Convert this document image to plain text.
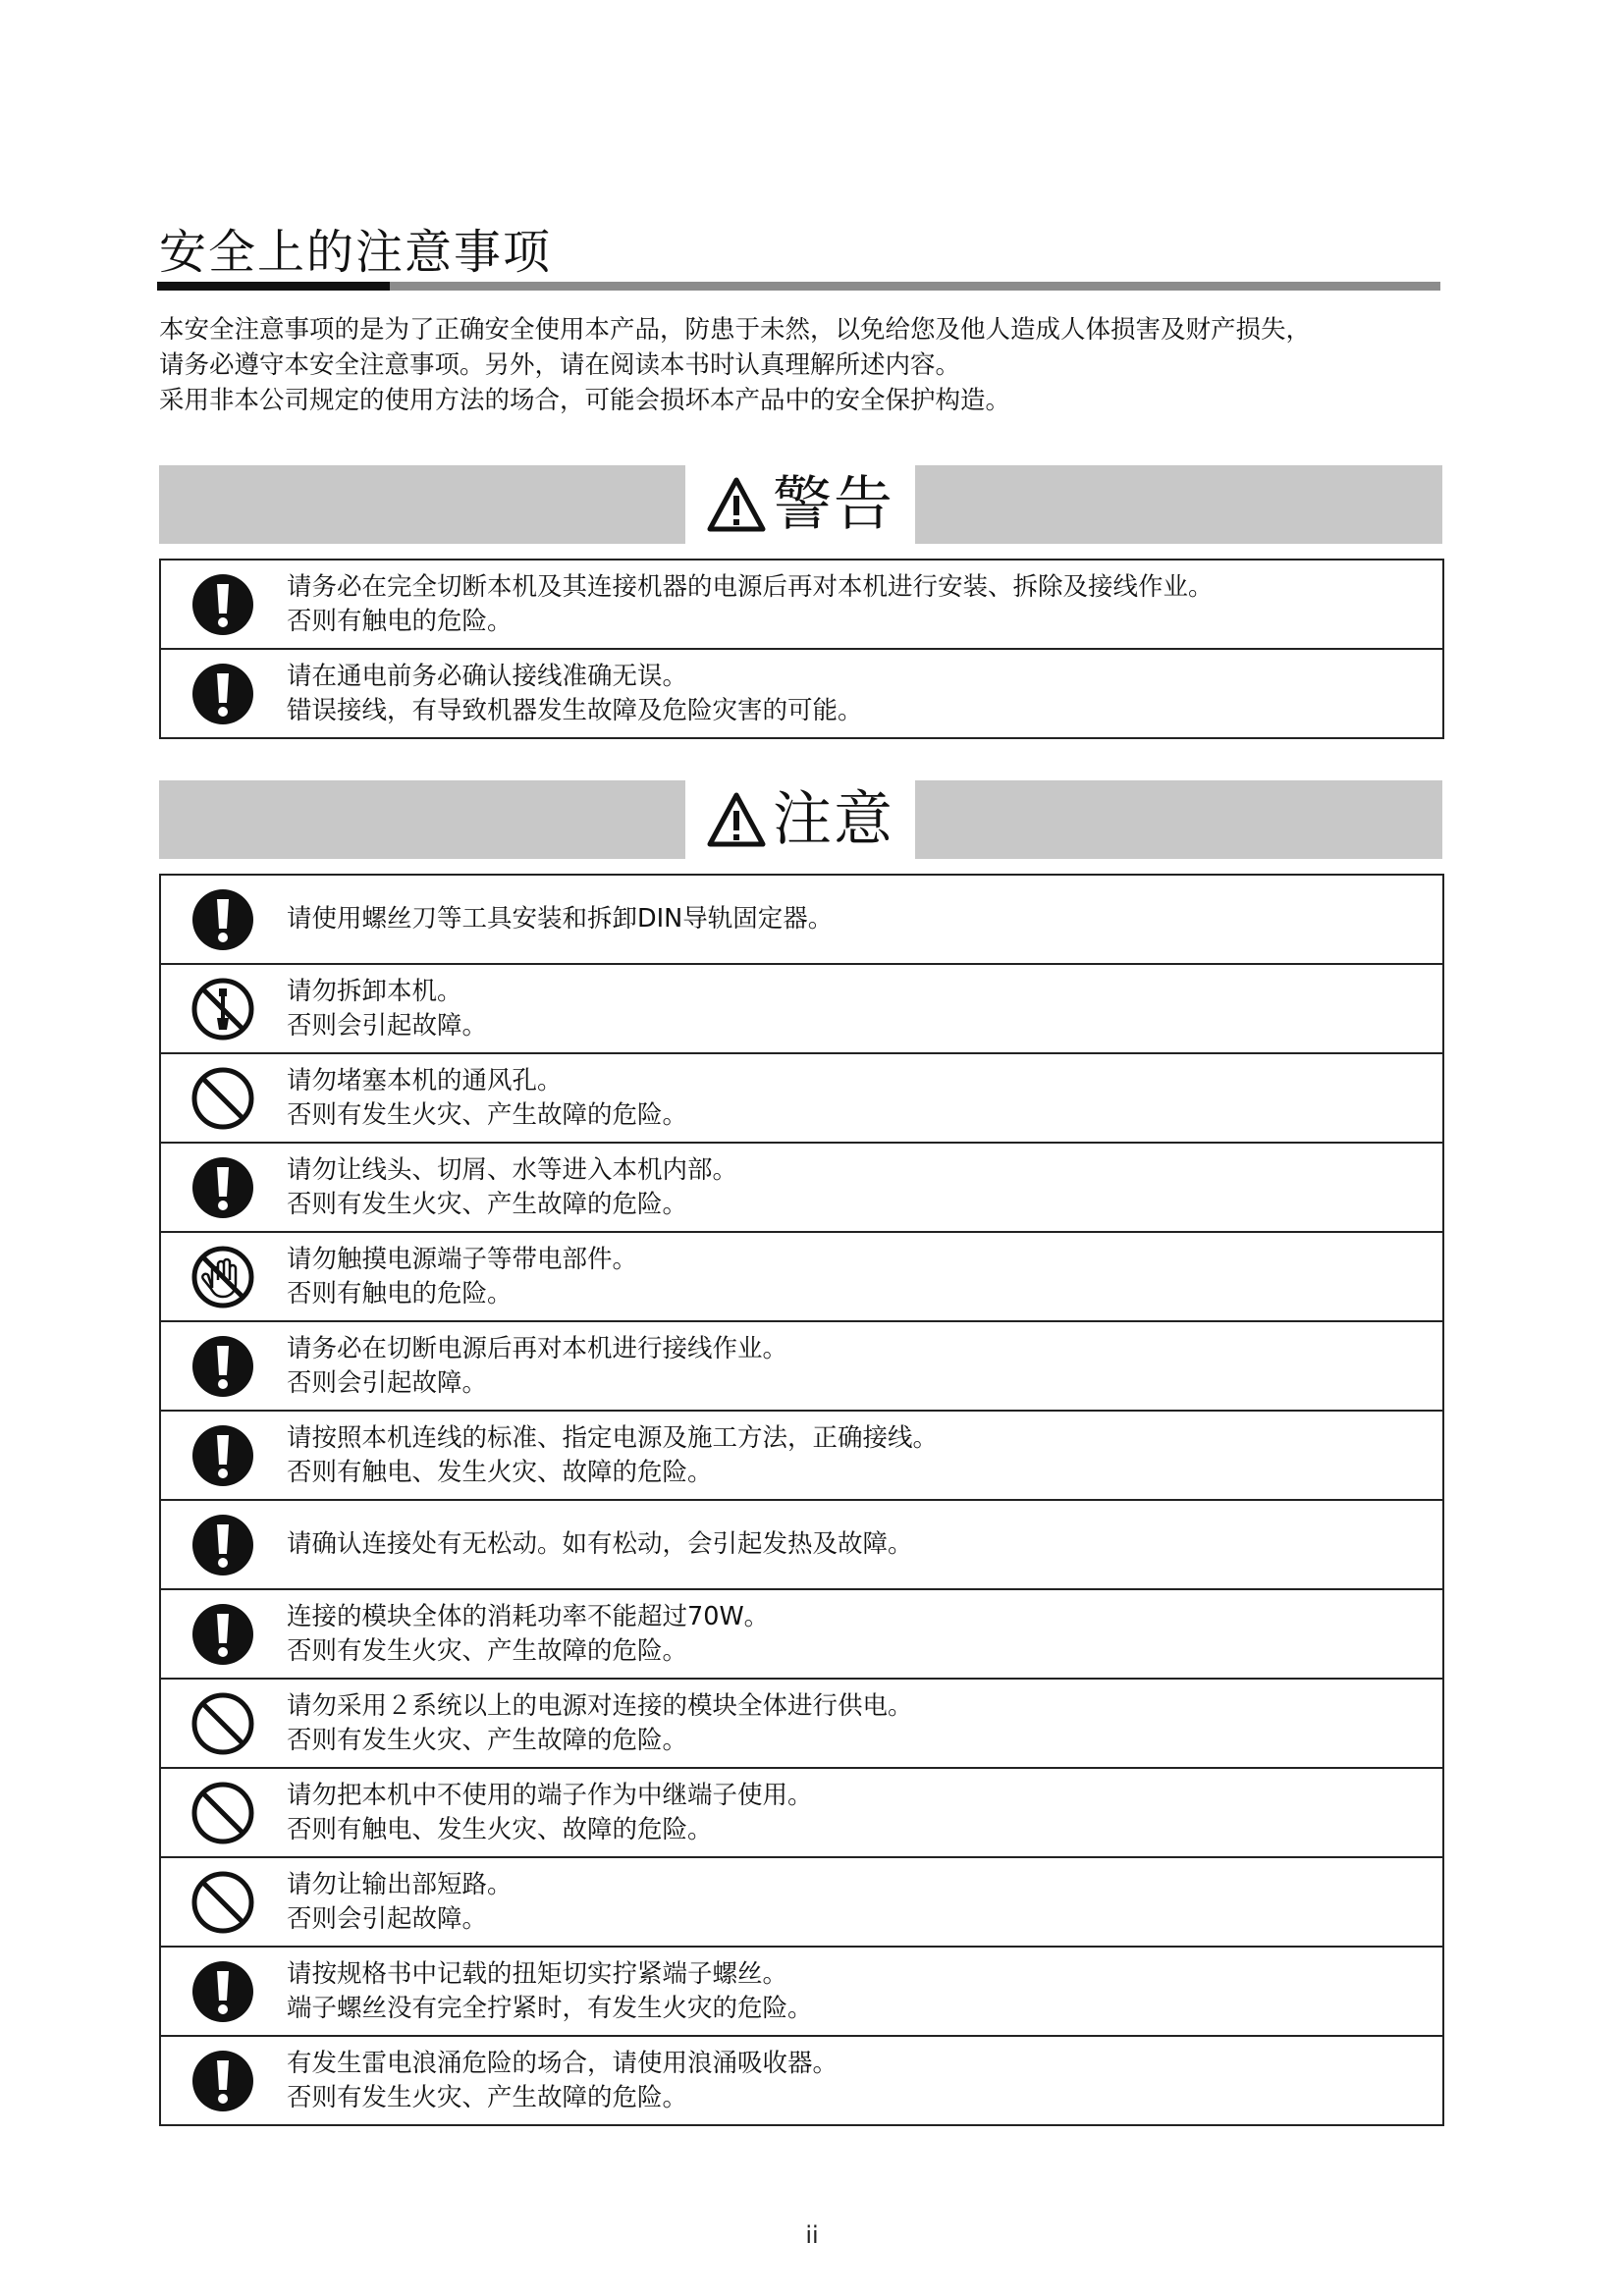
安全上的注意事项
本安全注意事项的是为了正确安全使用本产品，防患于未然，以免给您及他人造成人体损害及财产损失，
请务必遵守本安全注意事项。另外，请在阅读本书时认真理解所述内容。
采用非本公司规定的使用方法的场合，可能会损坏本产品中的安全保护构造。
警告
请务必在完全切断本机及其连接机器的电源后再对本机进行安装、拆除及接线作业。
否则有触电的危险。
请在通电前务必确认接线准确无误。
错误接线，有导致机器发生故障及危险灾害的可能。
注意
请使用螺丝刀等工具安装和拆卸DIN导轨固定器。
请勿拆卸本机。
否则会引起故障。
请勿堵塞本机的通风孔。
否则有发生火灾、产生故障的危险。
请勿让线头、切屑、水等进入本机内部。
否则有发生火灾、产生故障的危险。
请勿触摸电源端子等带电部件。
否则有触电的危险。
请务必在切断电源后再对本机进行接线作业。
否则会引起故障。
请按照本机连线的标准、指定电源及施工方法，正确接线。
否则有触电、发生火灾、故障的危险。
请确认连接处有无松动。如有松动，会引起发热及故障。
连接的模块全体的消耗功率不能超过70W。
否则有发生火灾、产生故障的危险。
请勿采用２系统以上的电源对连接的模块全体进行供电。
否则有发生火灾、产生故障的危险。
请勿把本机中不使用的端子作为中继端子使用。
否则有触电、发生火灾、故障的危险。
请勿让输出部短路。
否则会引起故障。
请按规格书中记载的扭矩切实拧紧端子螺丝。
端子螺丝没有完全拧紧时，有发生火灾的危险。
有发生雷电浪涌危险的场合，请使用浪涌吸收器。
否则有发生火灾、产生故障的危险。
ii
